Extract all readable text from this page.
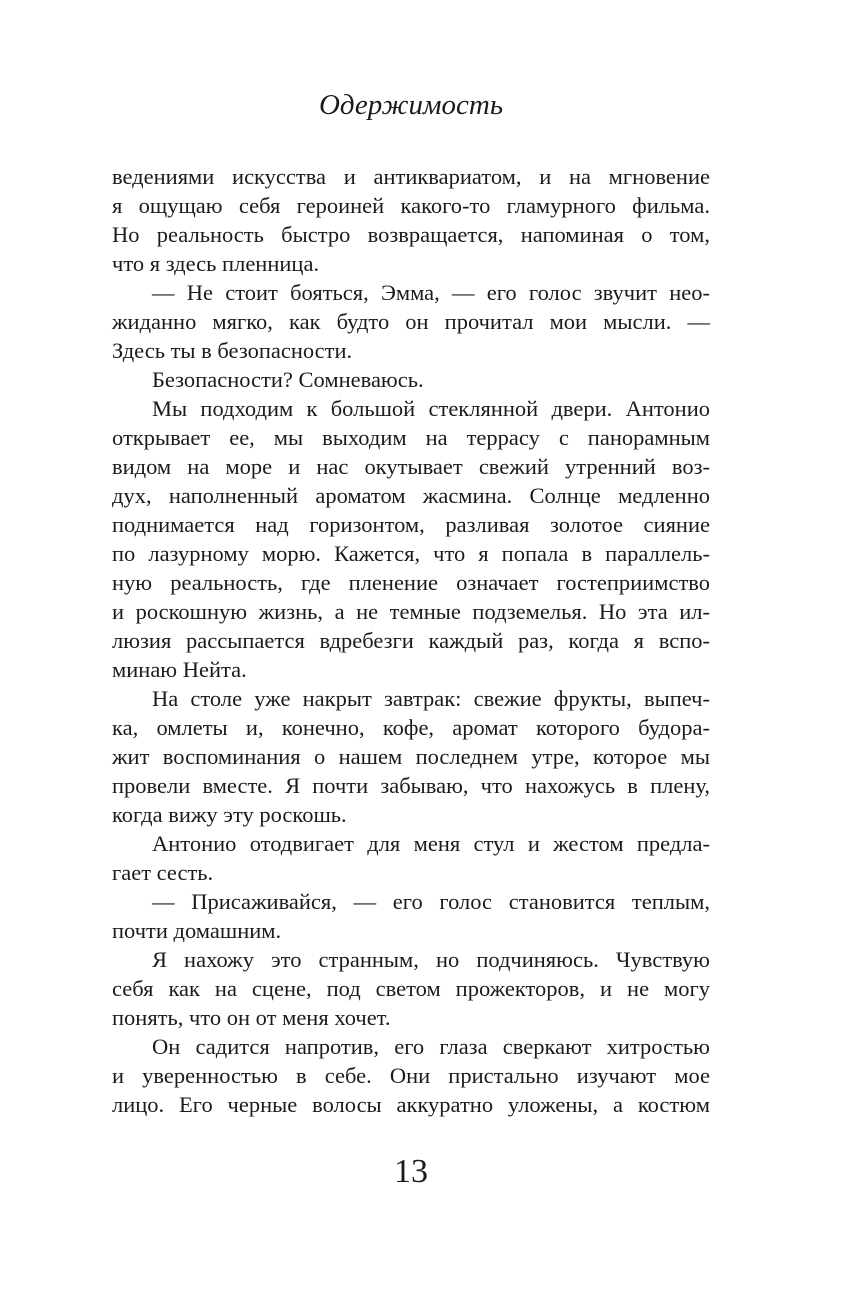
Одержимость
ведениями искусства и антиквариатом, и на мгновение
я ощущаю себя героиней какого-то гламурного фильма.
Но реальность быстро возвращается, напоминая о том,
что я здесь пленница.
— Не стоит бояться, Эмма, — его голос звучит нео-
жиданно мягко, как будто он прочитал мои мысли. —
Здесь ты в безопасности.
Безопасности? Сомневаюсь.
Мы подходим к большой стеклянной двери. Антонио
открывает ее, мы выходим на террасу с панорамным
видом на море и нас окутывает свежий утренний воз-
дух, наполненный ароматом жасмина. Солнце медленно
поднимается над горизонтом, разливая золотое сияние
по лазурному морю. Кажется, что я попала в параллель-
ную реальность, где пленение означает гостеприимство
и роскошную жизнь, а не темные подземелья. Но эта ил-
люзия рассыпается вдребезги каждый раз, когда я вспо-
минаю Нейта.
На столе уже накрыт завтрак: свежие фрукты, выпеч-
ка, омлеты и, конечно, кофе, аромат которого будора-
жит воспоминания о нашем последнем утре, которое мы
провели вместе. Я почти забываю, что нахожусь в плену,
когда вижу эту роскошь.
Антонио отодвигает для меня стул и жестом предла-
гает сесть.
— Присаживайся, — его голос становится теплым,
почти домашним.
Я нахожу это странным, но подчиняюсь. Чувствую
себя как на сцене, под светом прожекторов, и не могу
понять, что он от меня хочет.
Он садится напротив, его глаза сверкают хитростью
и уверенностью в себе. Они пристально изучают мое
лицо. Его черные волосы аккуратно уложены, а костюм
13
